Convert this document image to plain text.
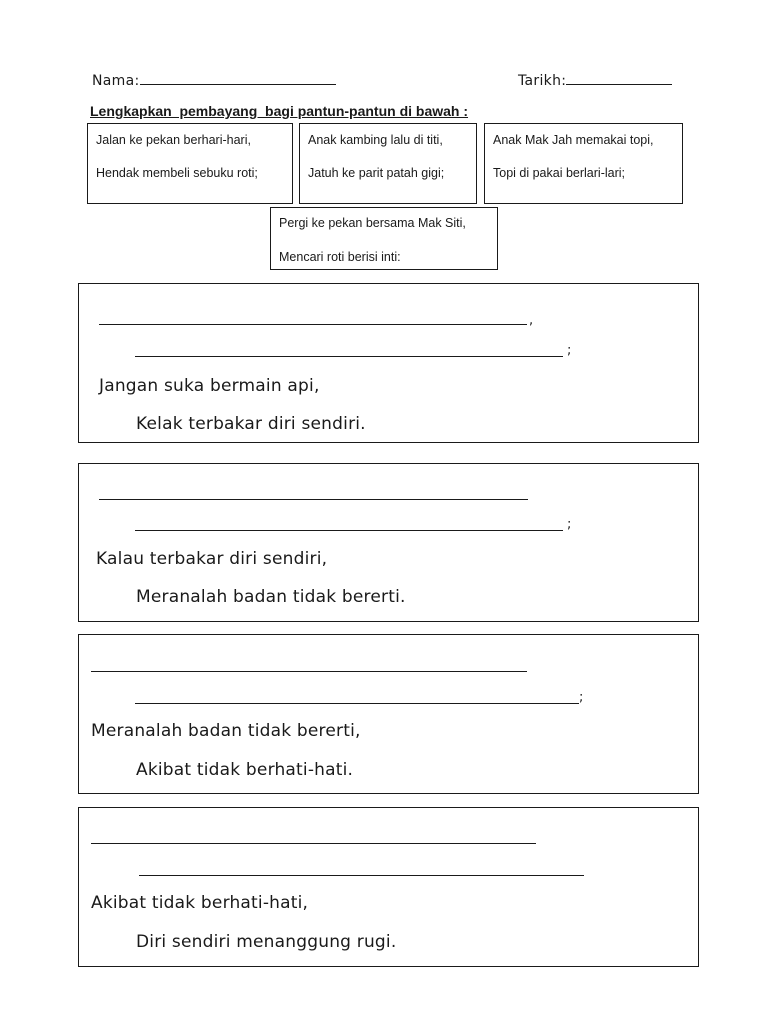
Nama:	Tarikh:
Lengkapkan  pembayang  bagi pantun-pantun di bawah :
Jalan ke pekan berhari-hari,
Hendak membeli sebuku roti;
Anak kambing lalu di titi,
Jatuh ke parit patah gigi;
Anak Mak Jah memakai topi,
Topi di pakai berlari-lari;
Pergi ke pekan bersama Mak Siti,
Mencari roti berisi inti:
,
;
Jangan suka bermain api,
Kelak terbakar diri sendiri.
;
Kalau terbakar diri sendiri,
Meranalah badan tidak bererti.
;
Meranalah badan tidak bererti,
Akibat tidak berhati-hati.
Akibat tidak berhati-hati,
Diri sendiri menanggung rugi.
